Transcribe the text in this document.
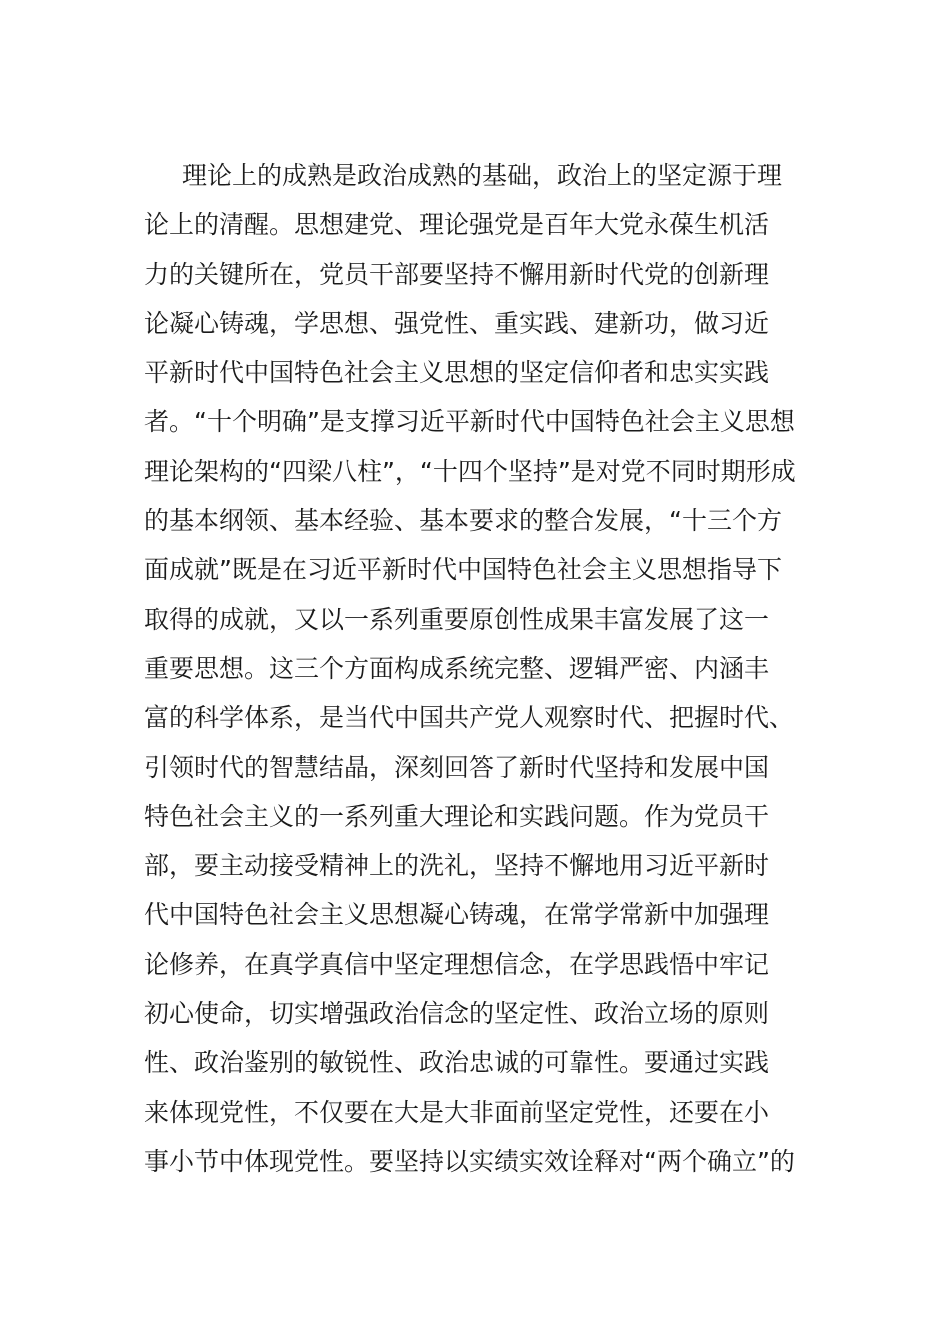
理论上的成熟是政治成熟的基础，政治上的坚定源于理
论上的清醒。思想建党、理论强党是百年大党永葆生机活
力的关键所在，党员干部要坚持不懈用新时代党的创新理
论凝心铸魂，学思想、强党性、重实践、建新功，做习近
平新时代中国特色社会主义思想的坚定信仰者和忠实实践
者。“十个明确”是支撑习近平新时代中国特色社会主义思想
理论架构的“四梁八柱”，“十四个坚持”是对党不同时期形成
的基本纲领、基本经验、基本要求的整合发展，“十三个方
面成就”既是在习近平新时代中国特色社会主义思想指导下
取得的成就，又以一系列重要原创性成果丰富发展了这一
重要思想。这三个方面构成系统完整、逻辑严密、内涵丰
富的科学体系，是当代中国共产党人观察时代、把握时代、
引领时代的智慧结晶，深刻回答了新时代坚持和发展中国
特色社会主义的一系列重大理论和实践问题。作为党员干
部，要主动接受精神上的洗礼，坚持不懈地用习近平新时
代中国特色社会主义思想凝心铸魂，在常学常新中加强理
论修养，在真学真信中坚定理想信念，在学思践悟中牢记
初心使命，切实增强政治信念的坚定性、政治立场的原则
性、政治鉴别的敏锐性、政治忠诚的可靠性。要通过实践
来体现党性，不仅要在大是大非面前坚定党性，还要在小
事小节中体现党性。要坚持以实绩实效诠释对“两个确立”的
